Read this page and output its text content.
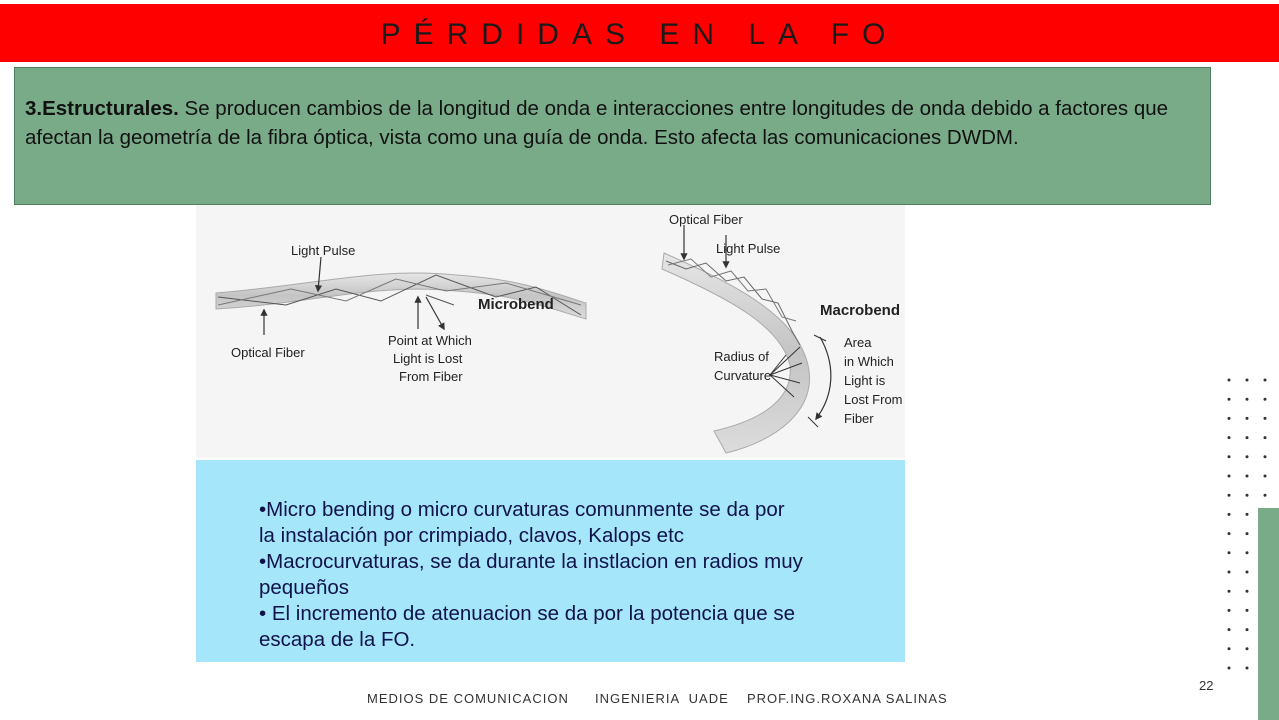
PÉRDIDAS EN LA FO
3.Estructurales. Se producen cambios de la longitud de onda e interacciones entre longitudes de onda debido a factores que afectan la geometría de la fibra óptica, vista como una guía de onda. Esto afecta las comunicaciones DWDM.
Light Pulse
Optical Fiber
Point at Which
Light is Lost
From Fiber
Microbend
Optical Fiber
Light Pulse
Macrobend
Radius of
Curvature
Area
in Which
Light is
Lost From
Fiber
•Micro bending o micro curvaturas comunmente se da por
la instalación por crimpiado, clavos, Kalops etc
•Macrocurvaturas, se da durante la instlacion en radios muy
pequeños
• El incremento de atenuacion se da por la potencia que se
escapa de la FO.
MEDIOS DE COMUNICACION INGENIERIA  UADE PROF.ING.ROXANA SALINAS
22
